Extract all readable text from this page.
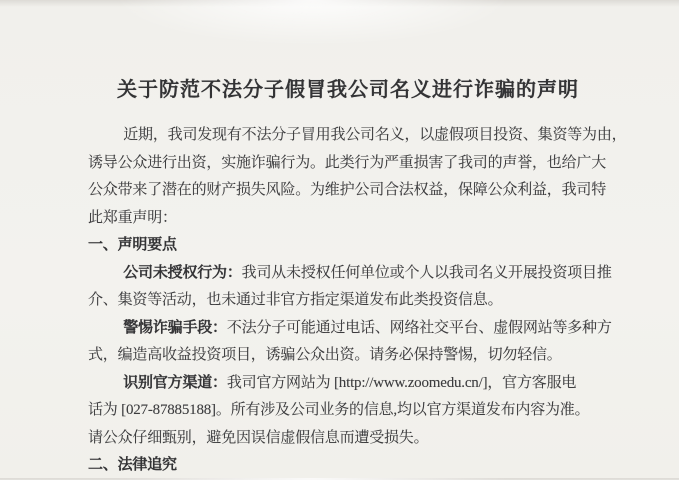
关于防范不法分子假冒我公司名义进行诈骗的声明
近期，我司发现有不法分子冒用我公司名义，以虚假项目投资、集资等为由，
诱导公众进行出资，实施诈骗行为。此类行为严重损害了我司的声誉，也给广大
公众带来了潜在的财产损失风险。为维护公司合法权益，保障公众利益，我司特
此郑重声明：
一、声明要点
公司未授权行为：我司从未授权任何单位或个人以我司名义开展投资项目推
介、集资等活动，也未通过非官方指定渠道发布此类投资信息。
警惕诈骗手段：不法分子可能通过电话、网络社交平台、虚假网站等多种方
式，编造高收益投资项目，诱骗公众出资。请务必保持警惕，切勿轻信。
识别官方渠道：我司官方网站为 [http://www.zoomedu.cn/]，官方客服电
话为 [027-87885188]。所有涉及公司业务的信息,均以官方渠道发布内容为准。
请公众仔细甄别，避免因误信虚假信息而遭受损失。
二、法律追究
